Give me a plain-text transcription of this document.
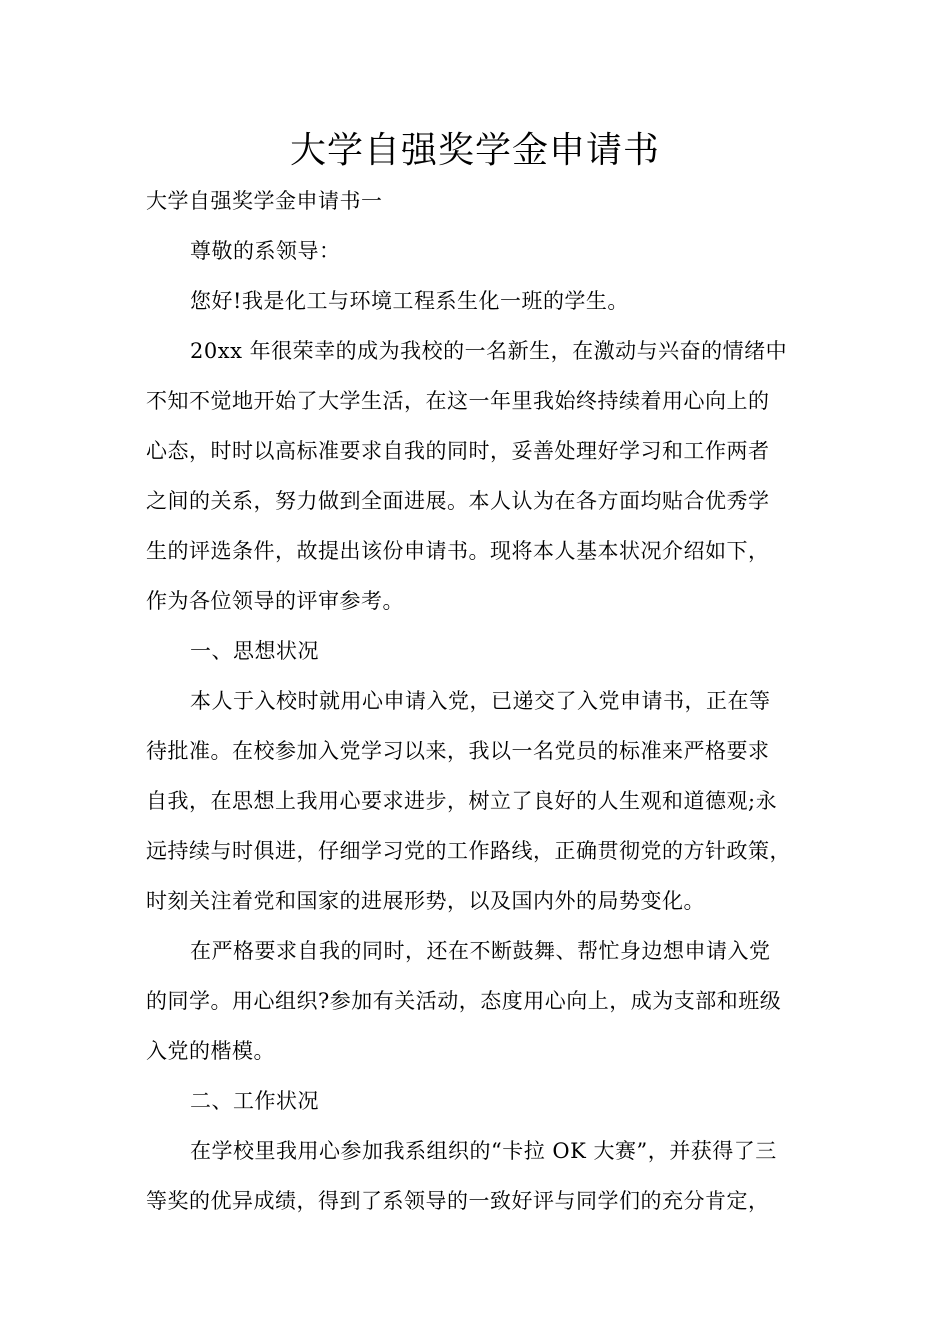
大学自强奖学金申请书
大学自强奖学金申请书一
尊敬的系领导：
您好!我是化工与环境工程系生化一班的学生。
20xx 年很荣幸的成为我校的一名新生，在激动与兴奋的情绪中
不知不觉地开始了大学生活，在这一年里我始终持续着用心向上的
心态，时时以高标准要求自我的同时，妥善处理好学习和工作两者
之间的关系，努力做到全面进展。本人认为在各方面均贴合优秀学
生的评选条件，故提出该份申请书。现将本人基本状况介绍如下，
作为各位领导的评审参考。
一、思想状况
本人于入校时就用心申请入党，已递交了入党申请书，正在等
待批准。在校参加入党学习以来，我以一名党员的标准来严格要求
自我，在思想上我用心要求进步，树立了良好的人生观和道德观;永
远持续与时俱进，仔细学习党的工作路线，正确贯彻党的方针政策，
时刻关注着党和国家的进展形势，以及国内外的局势变化。
在严格要求自我的同时，还在不断鼓舞、帮忙身边想申请入党
的同学。用心组织?参加有关活动，态度用心向上，成为支部和班级
入党的楷模。
二、工作状况
在学校里我用心参加我系组织的“卡拉 OK 大赛”，并获得了三
等奖的优异成绩，得到了系领导的一致好评与同学们的充分肯定，
